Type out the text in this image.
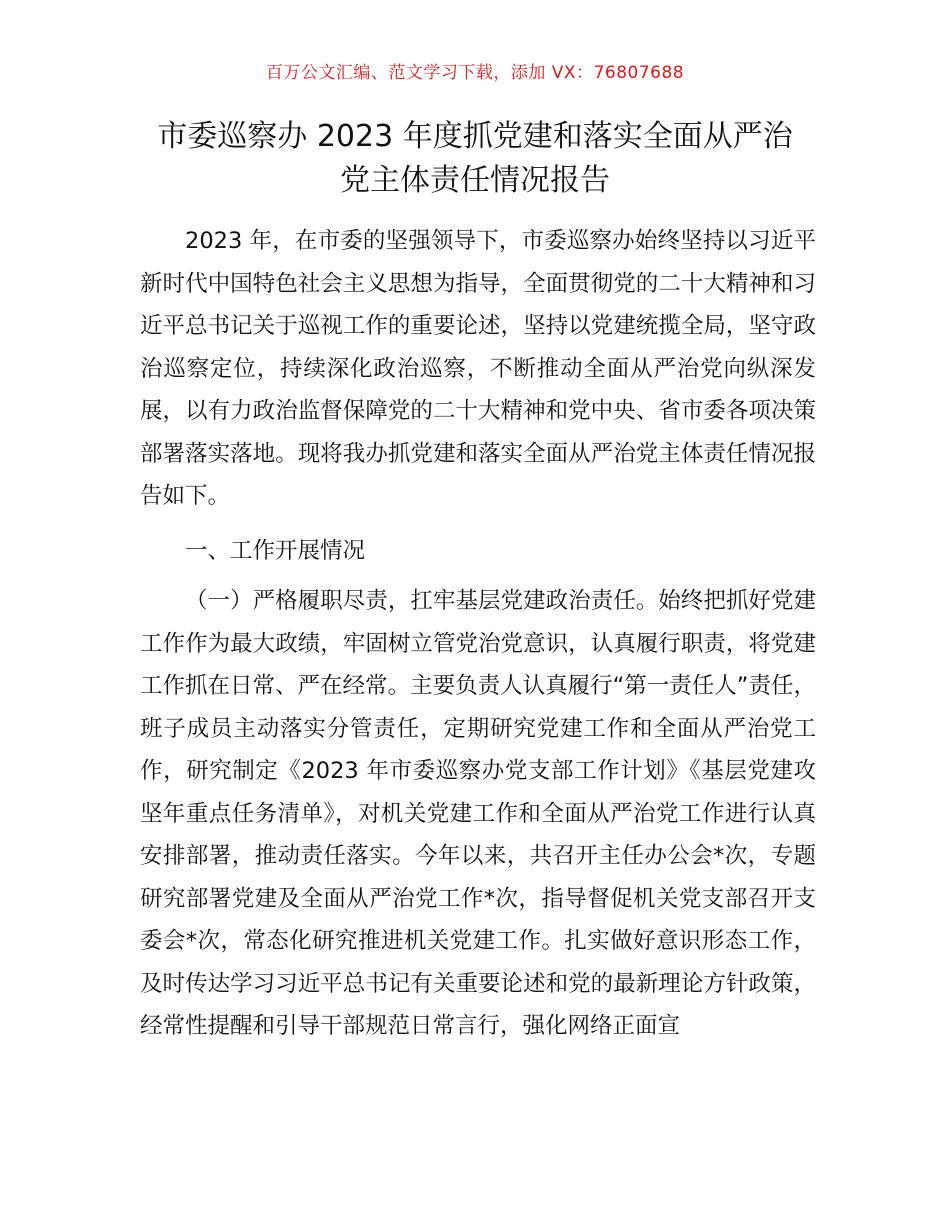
百万公文汇编、范文学习下载，添加 VX：76807688
市委巡察办 2023 年度抓党建和落实全面从严治
党主体责任情况报告

2023 年，在市委的坚强领导下，市委巡察办始终坚持以习近平新时代中国特色社会主义思想为指导，全面贯彻党的二十大精神和习近平总书记关于巡视工作的重要论述，坚持以党建统揽全局，坚守政治巡察定位，持续深化政治巡察，不断推动全面从严治党向纵深发展，以有力政治监督保障党的二十大精神和党中央、省市委各项决策部署落实落地。现将我办抓党建和落实全面从严治党主体责任情况报告如下。

一、工作开展情况

（一）严格履职尽责，扛牢基层党建政治责任。始终把抓好党建工作作为最大政绩，牢固树立管党治党意识，认真履行职责，将党建工作抓在日常、严在经常。主要负责人认真履行“第一责任人”责任，班子成员主动落实分管责任，定期研究党建工作和全面从严治党工作，研究制定《2023 年市委巡察办党支部工作计划》《基层党建攻坚年重点任务清单》，对机关党建工作和全面从严治党工作进行认真安排部署，推动责任落实。今年以来，共召开主任办公会*次，专题研究部署党建及全面从严治党工作*次，指导督促机关党支部召开支委会*次，常态化研究推进机关党建工作。扎实做好意识形态工作，及时传达学习习近平总书记有关重要论述和党的最新理论方针政策，经常性提醒和引导干部规范日常言行，强化网络正面宣
